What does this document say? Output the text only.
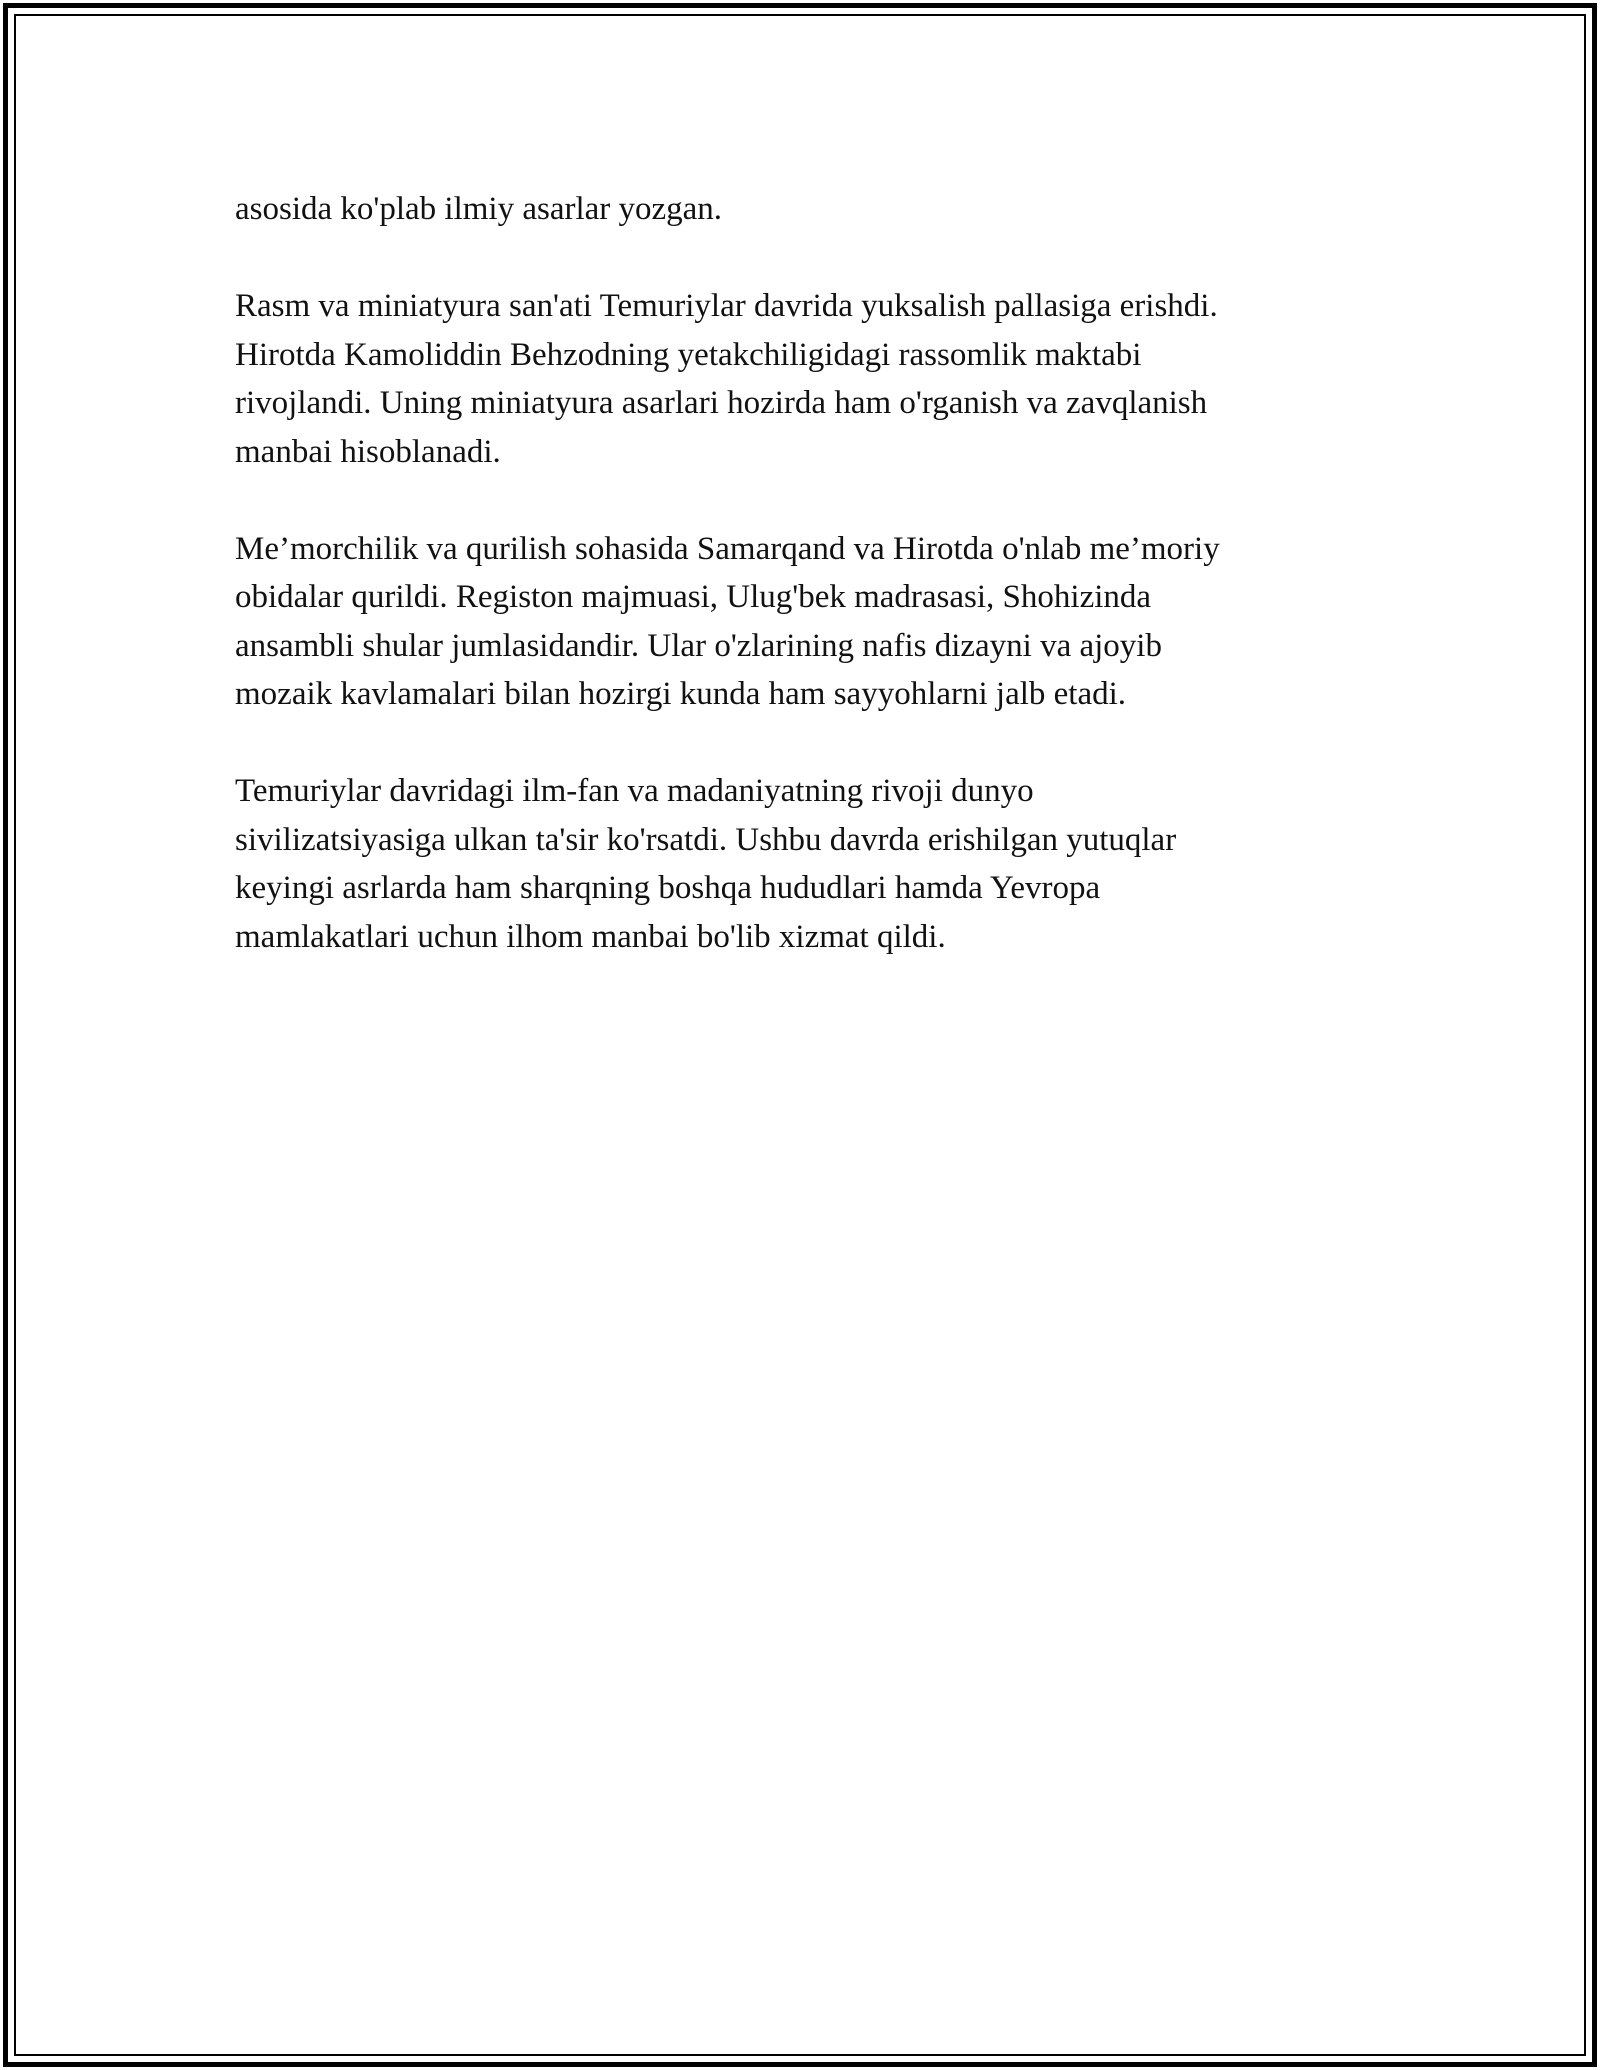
asosida ko'plab ilmiy asarlar yozgan.

Rasm va miniatyura san'ati Temuriylar davrida yuksalish pallasiga erishdi.
Hirotda Kamoliddin Behzodning yetakchiligidagi rassomlik maktabi
rivojlandi. Uning miniatyura asarlari hozirda ham o'rganish va zavqlanish
manbai hisoblanadi.

Me’morchilik va qurilish sohasida Samarqand va Hirotda o'nlab me’moriy
obidalar qurildi. Registon majmuasi, Ulug'bek madrasasi, Shohizinda
ansambli shular jumlasidandir. Ular o'zlarining nafis dizayni va ajoyib
mozaik kavlamalari bilan hozirgi kunda ham sayyohlarni jalb etadi.

Temuriylar davridagi ilm-fan va madaniyatning rivoji dunyo
sivilizatsiyasiga ulkan ta'sir ko'rsatdi. Ushbu davrda erishilgan yutuqlar
keyingi asrlarda ham sharqning boshqa hududlari hamda Yevropa
mamlakatlari uchun ilhom manbai bo'lib xizmat qildi.
